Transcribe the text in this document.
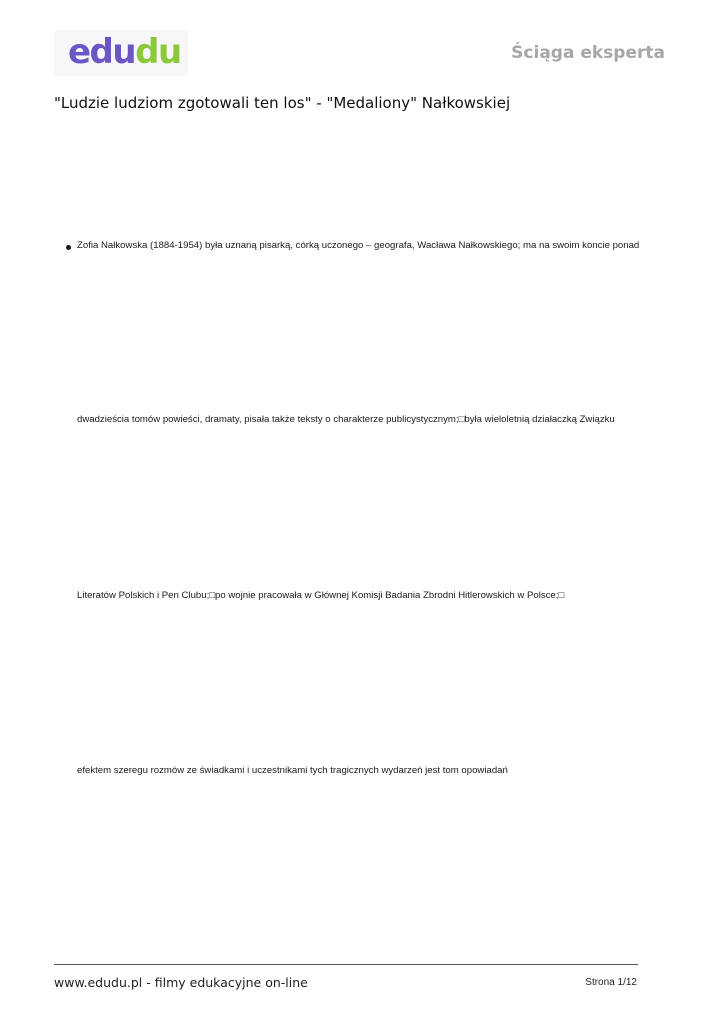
edudu	Ściąga eksperta
"Ludzie ludziom zgotowali ten los" - "Medaliony" Nałkowskiej

Zofia Nałkowska (1884-1954) była uznaną pisarką, córką uczonego – geografa, Wacława Nałkowskiego; ma na swoim koncie ponad

dwadzieścia tomów powieści, dramaty, pisała także teksty o charakterze publicystycznym;□była wieloletnią działaczką Związku

Literatów Polskich i Pen Clubu;□po wojnie pracowała w Głównej Komisji Badania Zbrodni Hitlerowskich w Polsce;□

efektem szeregu rozmów ze świadkami i uczestnikami tych tragicznych wydarzeń jest tom opowiadań

www.edudu.pl - filmy edukacyjne on-line	Strona 1/12
